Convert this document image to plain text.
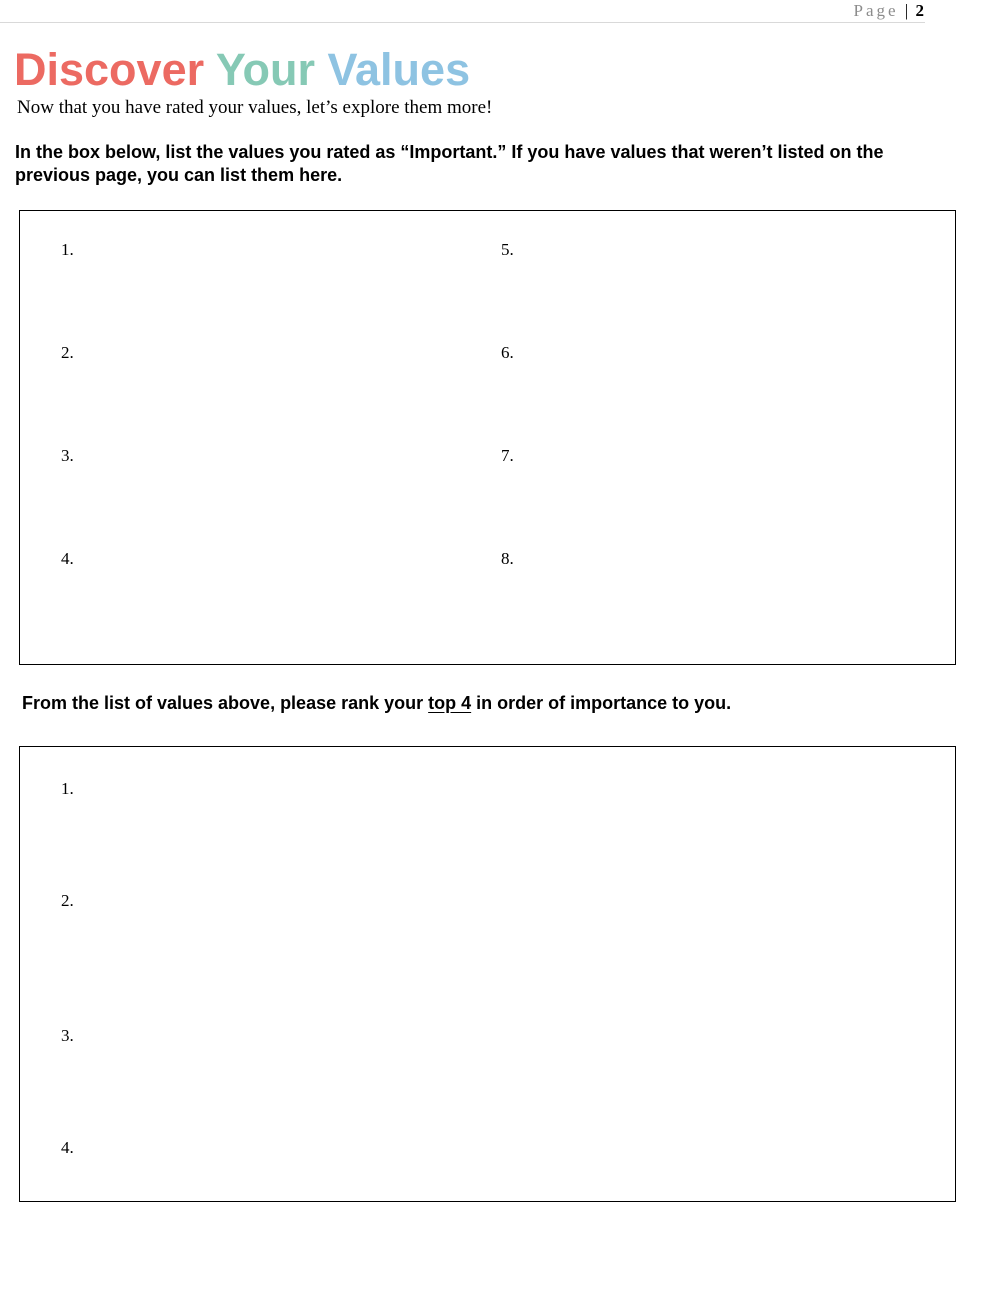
Page | 2
Discover Your Values
Now that you have rated your values, let’s explore them more!
In the box below, list the values you rated as “Important.” If you have values that weren’t listed on the previous page, you can list them here.
1.
2.
3.
4.
5.
6.
7.
8.
From the list of values above, please rank your top 4 in order of importance to you.
1.
2.
3.
4.
